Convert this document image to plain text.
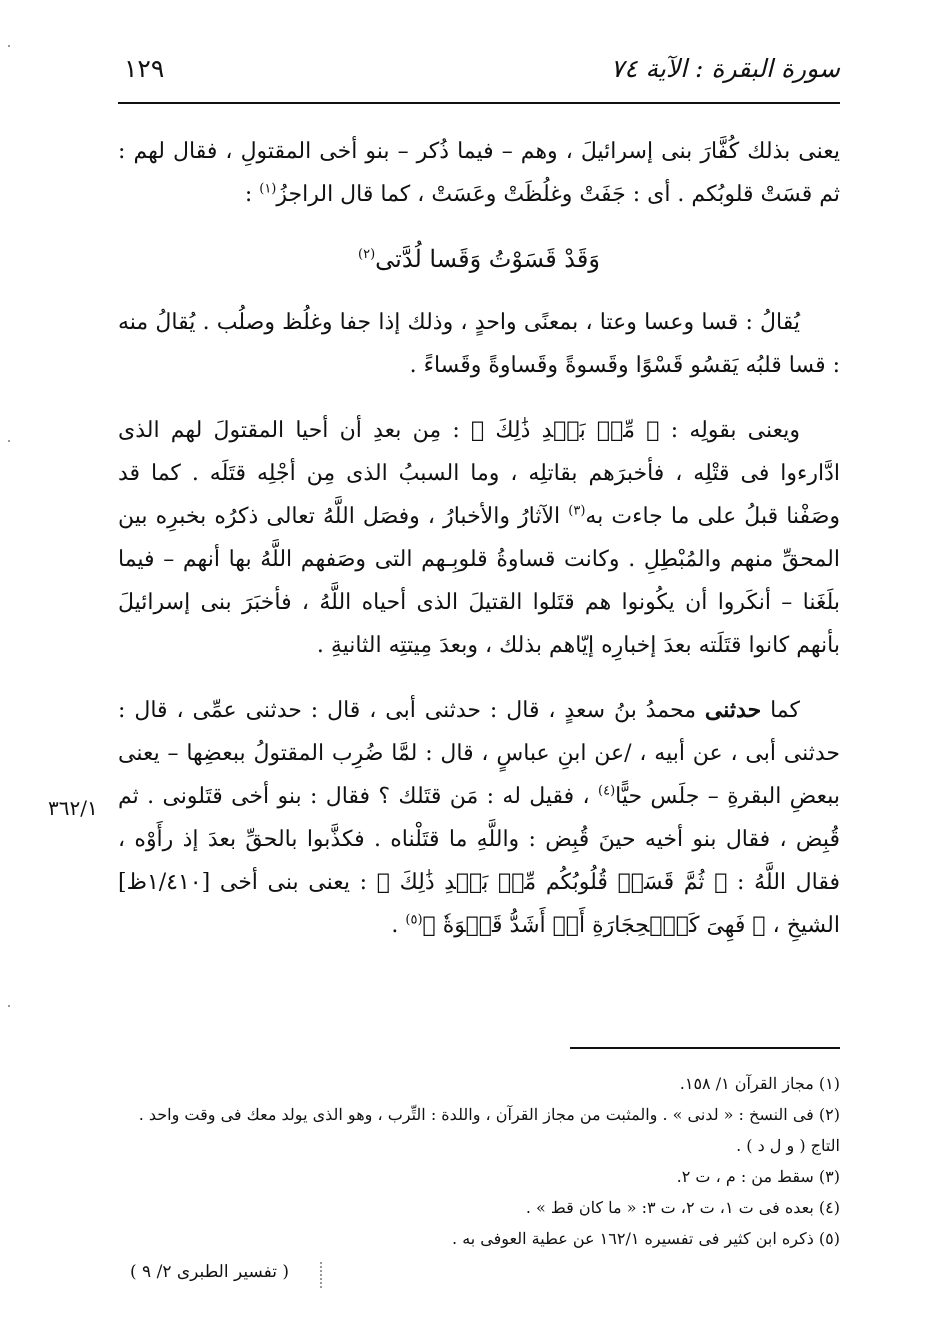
سورة البقرة : الآية ٧٤
١٢٩

يعنى بذلك كُفَّارَ بنى إسرائيلَ ، وهم – فيما ذُكر – بنو أخى المقتولِ ، فقال لهم : ثم قسَتْ قلوبُكم . أى : جَفَتْ وغلُظَتْ وعَسَتْ ، كما قال الراجزُ$^{(١)}$ :

وَقَدْ قَسَوْتُ وَقَسا لُدَّتى$^{(٢)}$

يُقالُ : قسا وعسا وعتا ، بمعنًى واحدٍ ، وذلك إذا جفا وغلُظ وصلُب . يُقالُ منه : قسا قلبُه يَقسُو قَسْوًا وقَسوةً وقَساوةً وقَساءً .

ويعنى بقولِه : ﴿ مِّنۢ بَعۡدِ ذَٰلِكَ ﴾ : مِن بعدِ أن أحيا المقتولَ لهم الذى ادَّارءوا فى قتْلِه ، فأخبرَهم بقاتلِه ، وما السببُ الذى مِن أجْلِه قتَلَه . كما قد وصَفْنا قبلُ على ما جاءت به$^{(٣)}$ الآثارُ والأخبارُ ، وفصَل اللَّهُ تعالى ذكرُه بخبرِه بين المحقِّ منهم والمُبْطِلِ . وكانت قساوةُ قلوبِـهم التى وصَفهم اللَّهُ بها أنهم – فيما بلَغَنا – أنكَروا أن يكُونوا هم قتَلوا القتيلَ الذى أحياه اللَّهُ ، فأخبَرَ بنى إسرائيلَ بأنهم كانوا قتَلَته بعدَ إخبارِه إيّاهم بذلك ، وبعدَ مِيتتِه الثانيةِ .

كما حدثنى محمدُ بنُ سعدٍ ، قال : حدثنى أبى ، قال : حدثنى عمِّى ، قال : حدثنى أبى ، عن أبيه ، /عن ابنِ عباسٍ ، قال : لمَّا ضُرِب المقتولُ ببعضِها – يعنى ببعضِ البقرةِ – جلَس حيًّا$^{(٤)}$ ، فقيل له : مَن قتَلك ؟ فقال : بنو أخى قتَلونى . ثم قُبِض ، فقال بنو أخيه حينَ قُبِض : واللَّهِ ما قتَلْناه . فكذَّبوا بالحقِّ بعدَ إذ رأَوْه ، فقال اللَّهُ : ﴿ ثُمَّ قَسَتۡ قُلُوبُكُم مِّنۢ بَعۡدِ ذَٰلِكَ ﴾ : يعنى بنى أخى [١/٤١٠ظ] الشيخِ ، ﴿ فَهِىَ كَٱلۡحِجَارَةِ أَوۡ أَشَدُّ قَسۡوَةٗ ﴾$^{(٥)}$ .

٣٦٢/١
(١) مجاز القرآن ١/ ١٥٨.
(٢) فى النسخ : « لدنى » . والمثبت من مجاز القرآن ، واللدة : التِّرب ، وهو الذى يولد معك فى وقت واحد . التاج ( و ل د ) .
(٣) سقط من : م ، ت ٢.
(٤) بعده فى ت ١، ت ٢، ت ٣: « ما كان قط » .
(٥) ذكره ابن كثير فى تفسيره ١٦٢/١ عن عطية العوفى به .
( تفسير الطبرى ٢/ ٩ )
